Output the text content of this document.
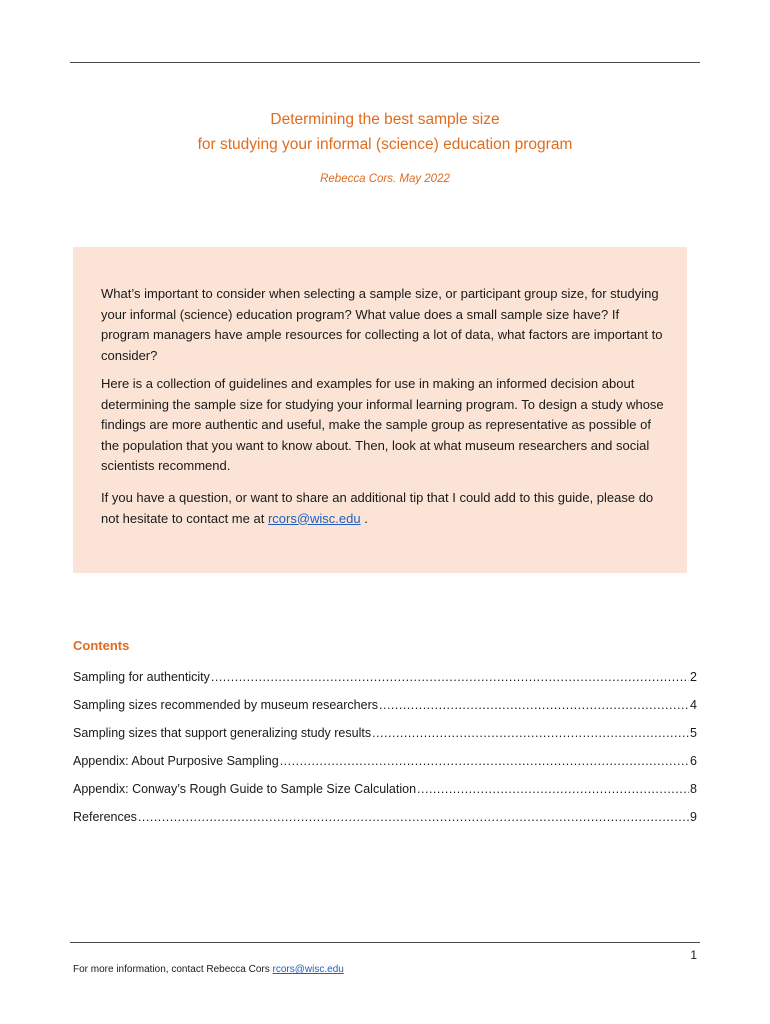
Determining the best sample size
for studying your informal (science) education program
Rebecca Cors. May 2022

What’s important to consider when selecting a sample size, or participant group size, for studying your informal (science) education program? What value does a small sample size have? If program managers have ample resources for collecting a lot of data, what factors are important to consider?

Here is a collection of guidelines and examples for use in making an informed decision about determining the sample size for studying your informal learning program. To design a study whose findings are more authentic and useful, make the sample group as representative as possible of the population that you want to know about. Then, look at what museum researchers and social scientists recommend.

If you have a question, or want to share an additional tip that I could add to this guide, please do not hesitate to contact me at rcors@wisc.edu .

Contents
Sampling for authenticity .....	2
Sampling sizes recommended by museum researchers .....	4
Sampling sizes that support generalizing study results .....	5
Appendix: About Purposive Sampling .....	6
Appendix: Conway’s Rough Guide to Sample Size Calculation .....	8
References .....	9
1
For more information, contact Rebecca Cors rcors@wisc.edu
